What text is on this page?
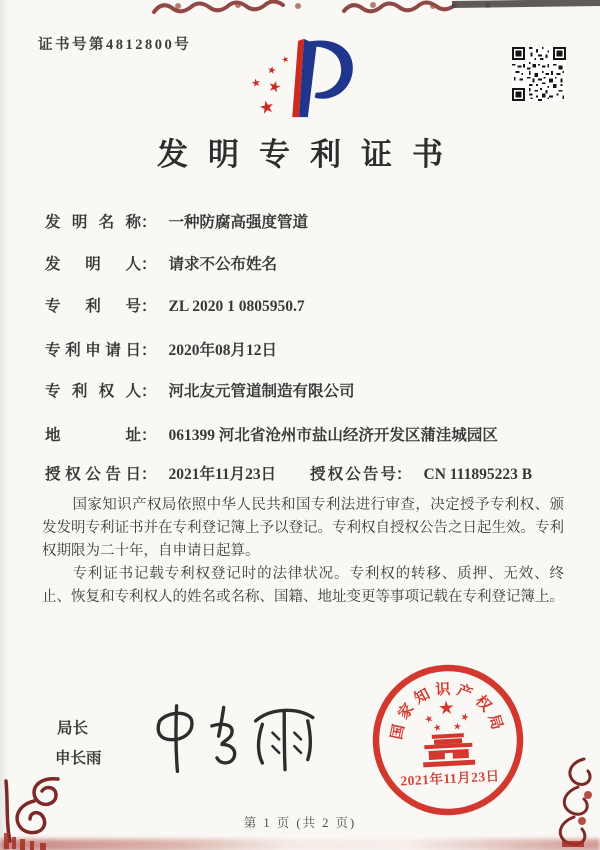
证书号第4812800号
发明专利证书
发明名称： 一种防腐高强度管道
发明人： 请求不公布姓名
专利号： ZL 2020 1 0805950.7
专利申请日： 2020年08月12日
专利权人： 河北友元管道制造有限公司
地址： 061399 河北省沧州市盐山经济开发区蒲洼城园区
授权公告日： 2021年11月23日 授权公告号： CN 111895223 B

国家知识产权局依照中华人民共和国专利法进行审查，决定授予专利权、颁发发明专利证书并在专利登记簿上予以登记。专利权自授权公告之日起生效。专利权期限为二十年，自申请日起算。

专利证书记载专利权登记时的法律状况。专利权的转移、质押、无效、终止、恢复和专利权人的姓名或名称、国籍、地址变更等事项记载在专利登记簿上。

局长
申长雨
国家知识产权局
2021年11月23日
第 1 页 (共 2 页)
